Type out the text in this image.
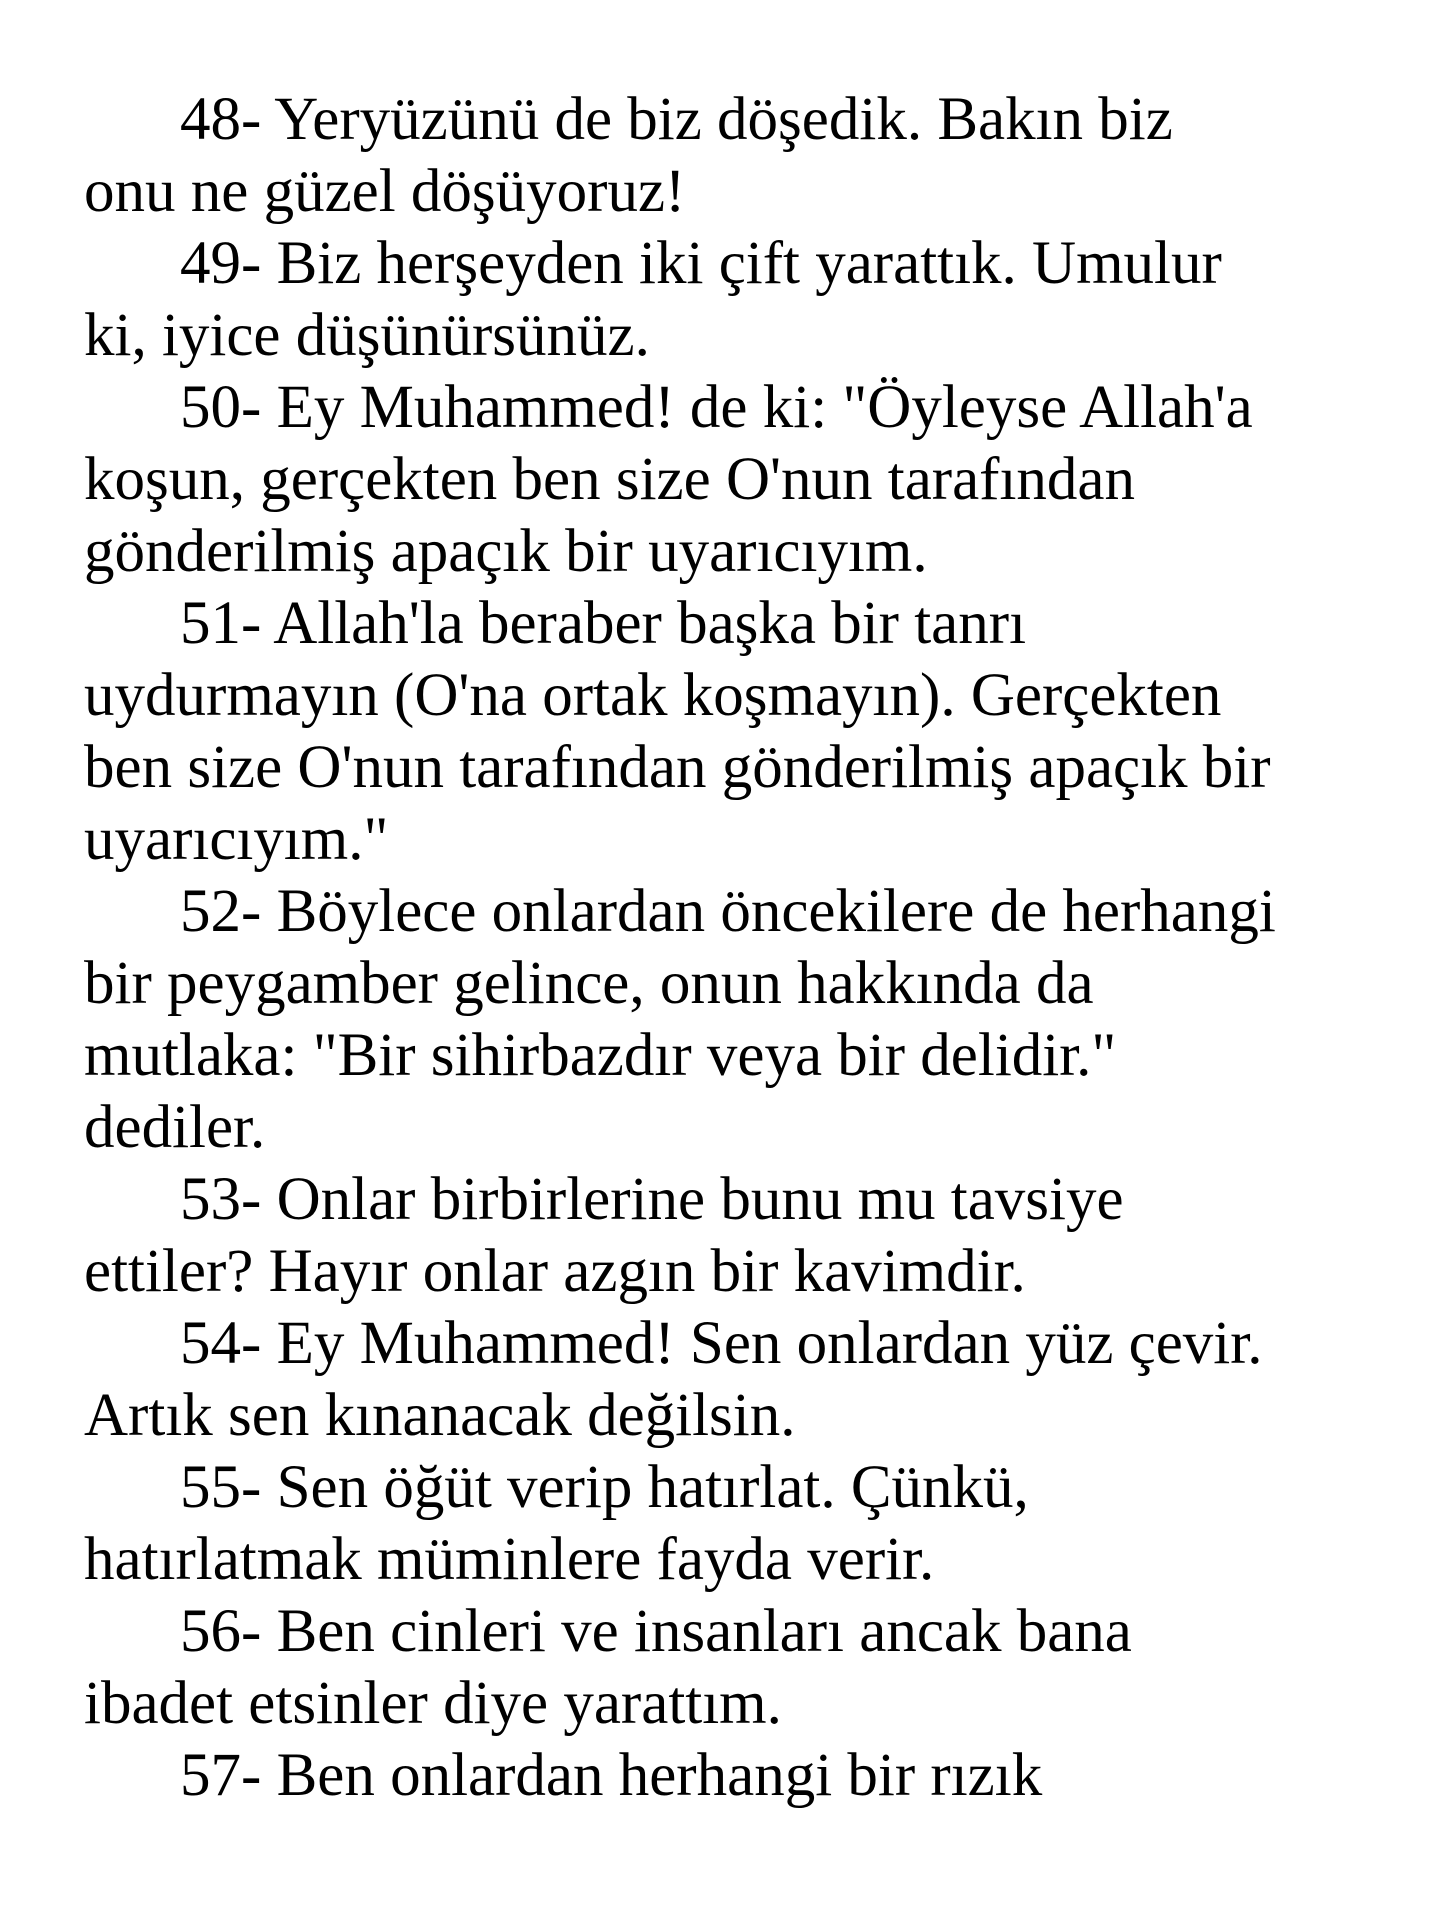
48- Yeryüzünü de biz döşedik. Bakın biz
onu ne güzel döşüyoruz!
49- Biz herşeyden iki çift yarattık. Umulur
ki, iyice düşünürsünüz.
50- Ey Muhammed! de ki: "Öyleyse Allah'a
koşun, gerçekten ben size O'nun tarafından
gönderilmiş apaçık bir uyarıcıyım.
51- Allah'la beraber başka bir tanrı
uydurmayın (O'na ortak koşmayın). Gerçekten
ben size O'nun tarafından gönderilmiş apaçık bir
uyarıcıyım."
52- Böylece onlardan öncekilere de herhangi
bir peygamber gelince, onun hakkında da
mutlaka: "Bir sihirbazdır veya bir delidir."
dediler.
53- Onlar birbirlerine bunu mu tavsiye
ettiler? Hayır onlar azgın bir kavimdir.
54- Ey Muhammed! Sen onlardan yüz çevir.
Artık sen kınanacak değilsin.
55- Sen öğüt verip hatırlat. Çünkü,
hatırlatmak müminlere fayda verir.
56- Ben cinleri ve insanları ancak bana
ibadet etsinler diye yarattım.
57- Ben onlardan herhangi bir rızık
